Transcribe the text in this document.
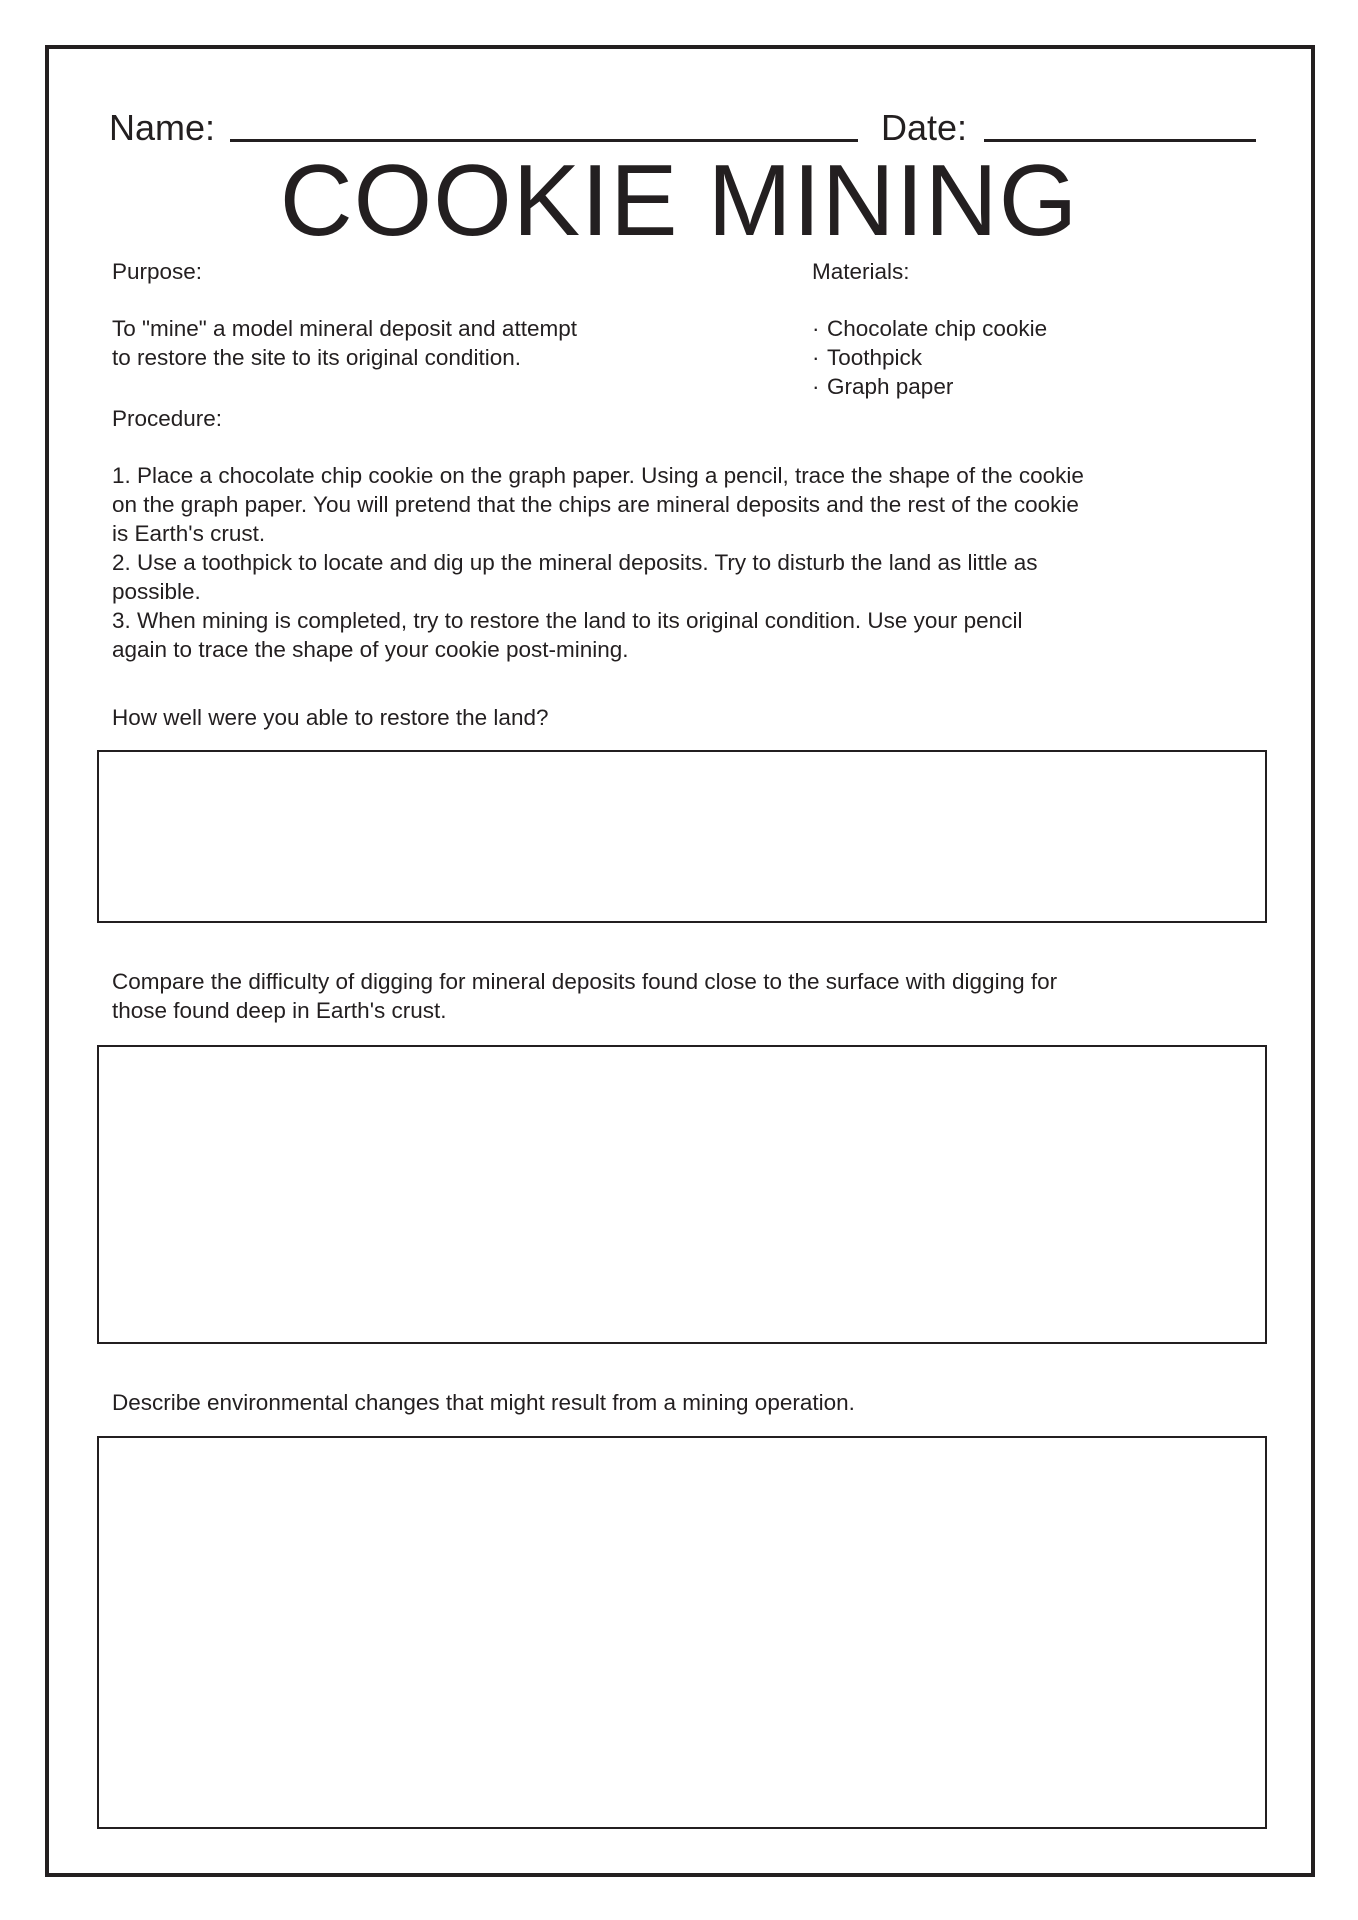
Name:	Date:
COOKIE MINING
Purpose:
To "mine" a model mineral deposit and attempt
to restore the site to its original condition.
Materials:
· Chocolate chip cookie
· Toothpick
· Graph paper
Procedure:
1. Place a chocolate chip cookie on the graph paper. Using a pencil, trace the shape of the cookie
on the graph paper. You will pretend that the chips are mineral deposits and the rest of the cookie
is Earth's crust.
2. Use a toothpick to locate and dig up the mineral deposits. Try to disturb the land as little as
possible.
3. When mining is completed, try to restore the land to its original condition. Use your pencil
again to trace the shape of your cookie post-mining.
How well were you able to restore the land?
Compare the difficulty of digging for mineral deposits found close to the surface with digging for
those found deep in Earth's crust.
Describe environmental changes that might result from a mining operation.
